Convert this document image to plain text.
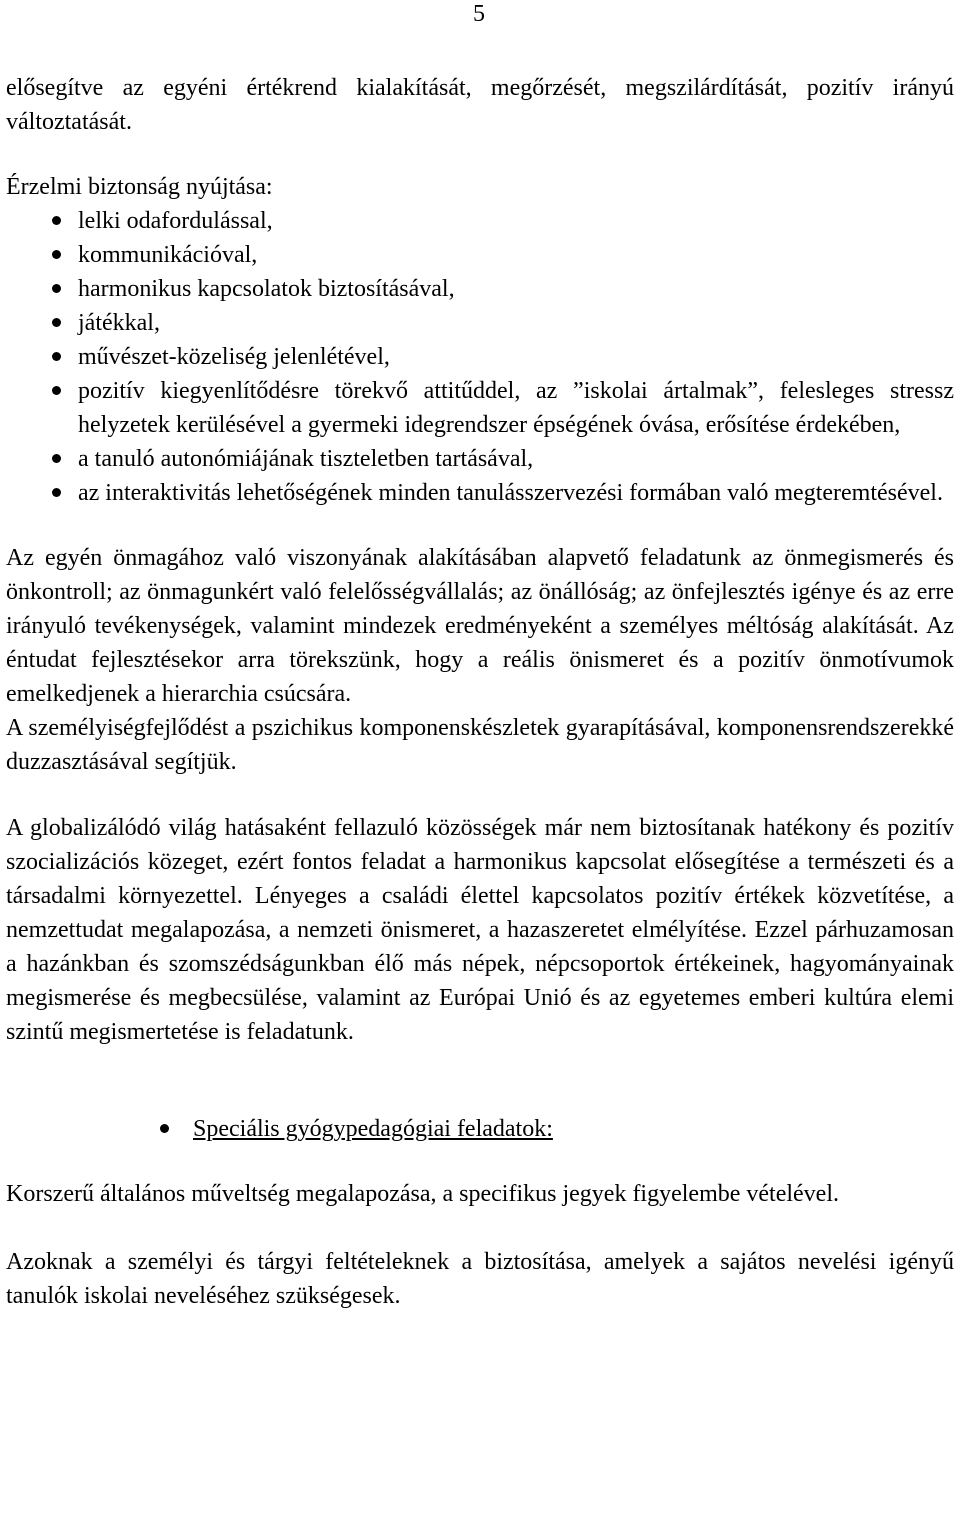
5

elősegítve az egyéni értékrend kialakítását, megőrzését, megszilárdítását, pozitív irányú változtatását.

Érzelmi biztonság nyújtása:

lelki odafordulással,
kommunikációval,
harmonikus kapcsolatok biztosításával,
játékkal,
művészet-közeliség jelenlétével,
pozitív kiegyenlítődésre törekvő attitűddel, az ”iskolai ártalmak”, felesleges stressz helyzetek kerülésével a gyermeki idegrendszer épségének óvása, erősítése érdekében,
a tanuló autonómiájának tiszteletben tartásával,
az interaktivitás lehetőségének minden tanulásszervezési formában való megteremtésével.

Az egyén önmagához való viszonyának alakításában alapvető feladatunk az önmegismerés és önkontroll; az önmagunkért való felelősségvállalás; az önállóság; az önfejlesztés igénye és az erre irányuló tevékenységek, valamint mindezek eredményeként a személyes méltóság alakítását. Az éntudat fejlesztésekor arra törekszünk, hogy a reális önismeret és a pozitív önmotívumok emelkedjenek a hierarchia csúcsára.

A személyiségfejlődést a pszichikus komponenskészletek gyarapításával, komponensrendszerekké duzzasztásával segítjük.

A globalizálódó világ hatásaként fellazuló közösségek már nem biztosítanak hatékony és pozitív szocializációs közeget, ezért fontos feladat a harmonikus kapcsolat elősegítése a természeti és a társadalmi környezettel. Lényeges a családi élettel kapcsolatos pozitív értékek közvetítése, a nemzettudat megalapozása, a nemzeti önismeret, a hazaszeretet elmélyítése. Ezzel párhuzamosan a hazánkban és szomszédságunkban élő más népek, népcsoportok értékeinek, hagyományainak megismerése és megbecsülése, valamint az Európai Unió és az egyetemes emberi kultúra elemi szintű megismertetése is feladatunk.

Speciális gyógypedagógiai feladatok:

Korszerű általános műveltség megalapozása, a specifikus jegyek figyelembe vételével.

Azoknak a személyi és tárgyi feltételeknek a biztosítása, amelyek a sajátos nevelési igényű tanulók iskolai neveléséhez szükségesek.
